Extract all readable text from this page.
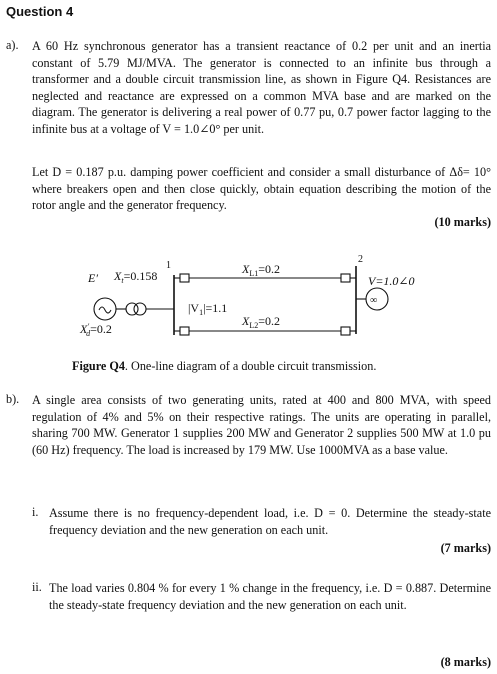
Question 4
a). A 60 Hz synchronous generator has a transient reactance of 0.2 per unit and an inertia constant of 5.79 MJ/MVA. The generator is connected to an infinite bus through a transformer and a double circuit transmission line, as shown in Figure Q4. Resistances are neglected and reactance are expressed on a common MVA base and are marked on the diagram. The generator is delivering a real power of 0.77 pu, 0.7 power factor lagging to the infinite bus at a voltage of V = 1.0∠0° per unit.
Let D = 0.187 p.u. damping power coefficient and consider a small disturbance of Δδ= 10° where breakers open and then close quickly, obtain equation describing the motion of the rotor angle and the generator frequency.
(10 marks)
E′ $X_t=0.158$
X′ d=0.2
$|V_1|=1.1$
$X_{L1}=0.2$
$X_{L2}=0.2$
1
2
V=1.0∠0
∞
Figure Q4. One-line diagram of a double circuit transmission.
b). A single area consists of two generating units, rated at 400 and 800 MVA, with speed regulation of 4% and 5% on their respective ratings. The units are operating in parallel, sharing 700 MW. Generator 1 supplies 200 MW and Generator 2 supplies 500 MW at 1.0 pu (60 Hz) frequency. The load is increased by 179 MW. Use 1000MVA as a base value.
i. Assume there is no frequency-dependent load, i.e. D = 0. Determine the steady-state frequency deviation and the new generation on each unit.
(7 marks)
ii. The load varies 0.804 % for every 1 % change in the frequency, i.e. D = 0.887. Determine the steady-state frequency deviation and the new generation on each unit.
(8 marks)
